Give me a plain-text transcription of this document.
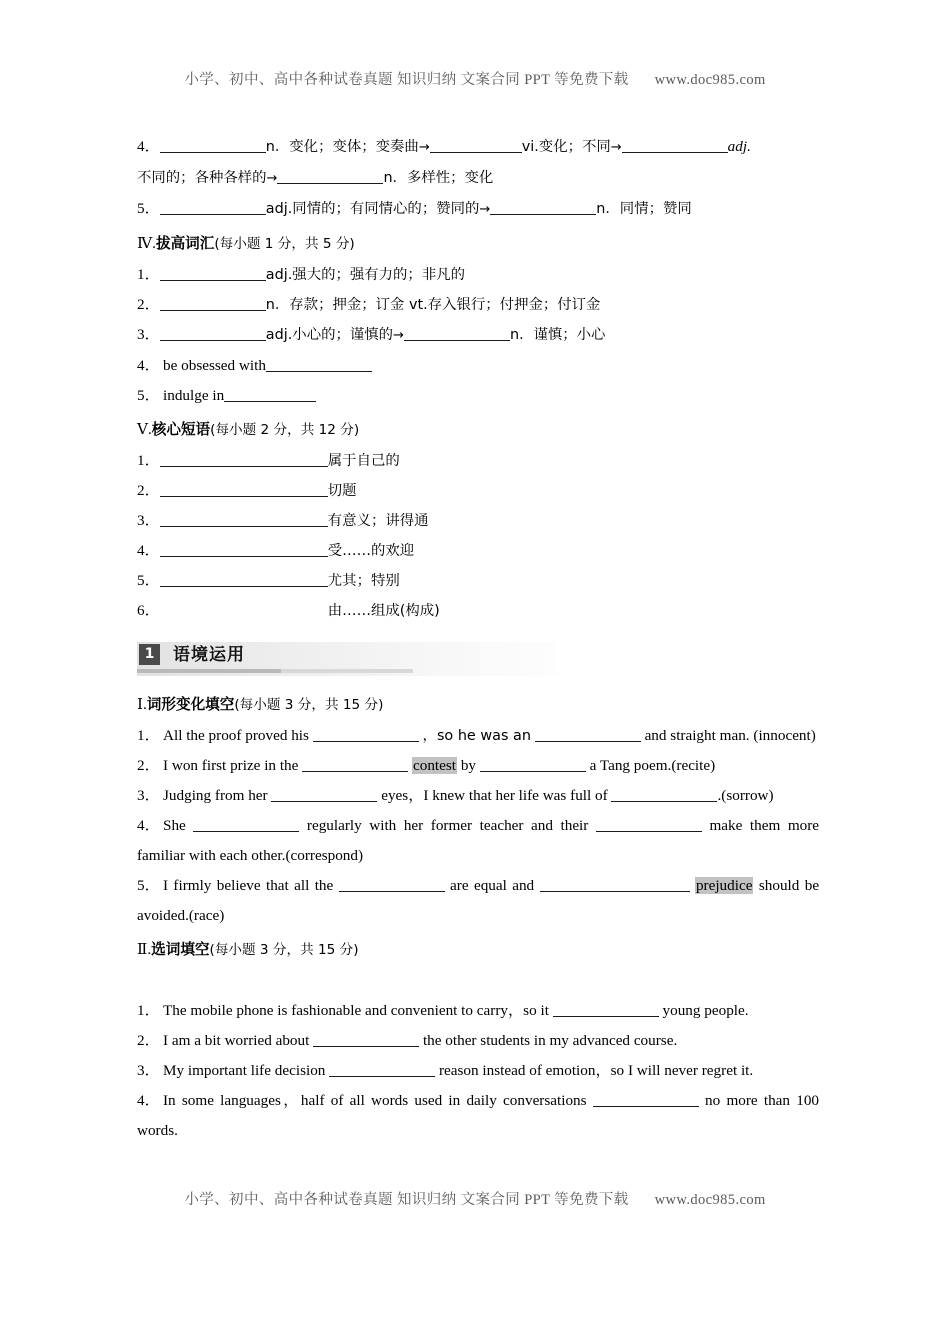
小学、初中、高中各种试卷真题 知识归纳 文案合同 PPT 等免费下载 www.doc985.com
4．	n．变化；变体；变奏曲→	vi.变化；不同→	adj.
不同的；各种各样的→	n．多样性；变化
5．	adj.同情的；有同情心的；赞同的→	n．同情；赞同
Ⅳ.拔高词汇(每小题 1 分，共 5 分)
1．	adj.强大的；强有力的；非凡的
2．	n．存款；押金；订金 vt.存入银行；付押金；付订金
3．	adj.小心的；谨慎的→	n．谨慎；小心
4． be obsessed with
5． indulge in
Ⅴ.核心短语(每小题 2 分，共 12 分)
1．	属于自己的
2．	切题
3．	有意义；讲得通
4．	受……的欢迎
5．	尤其；特别
6．	由……组成(构成)
1	语境运用
Ⅰ.词形变化填空(每小题 3 分，共 15 分)
1． All the proof proved his	，so he was an	and straight man. (innocent)
2． I won first prize in the	contest by	a Tang poem.(recite)
3． Judging from her	eyes，I knew that her life was full of	.(sorrow)
4． She	regularly with her former teacher and their	make them more familiar with each other.(correspond)
5． I firmly believe that all the	are equal and	prejudice should be avoided.(race)
Ⅱ.选词填空(每小题 3 分，共 15 分)
1． The mobile phone is fashionable and convenient to carry，so it	young people.
2． I am a bit worried about	the other students in my advanced course.
3． My important life decision	reason instead of emotion，so I will never regret it.
4． In some languages，half of all words used in daily conversations	no more than 100 words.
小学、初中、高中各种试卷真题 知识归纳 文案合同 PPT 等免费下载 www.doc985.com
